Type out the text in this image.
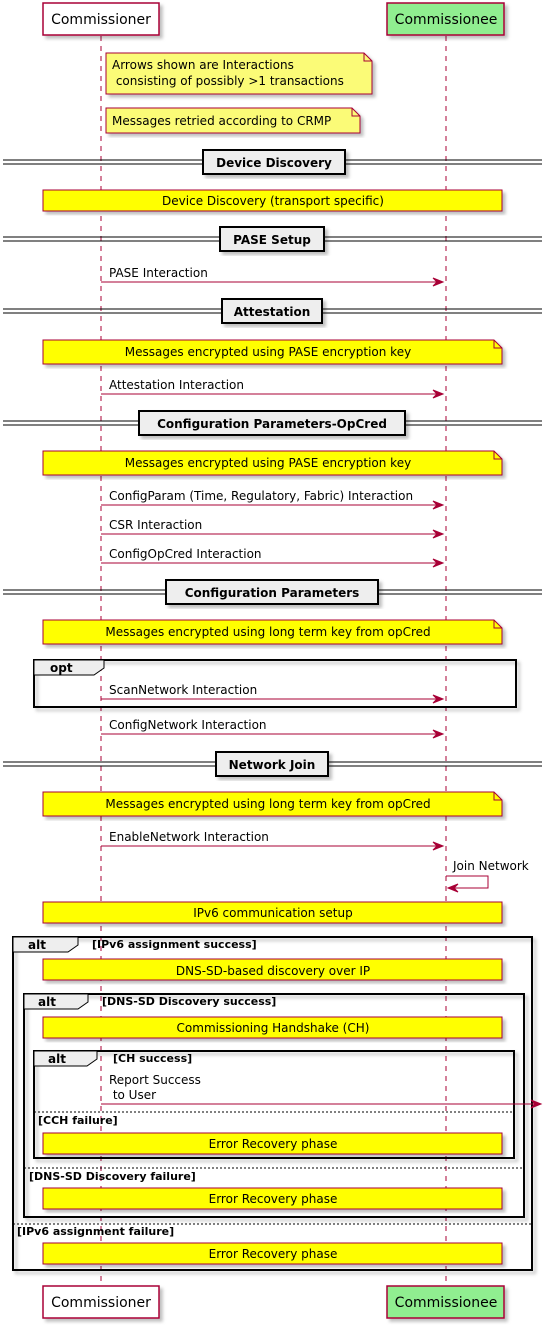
Commissioner	Commissionee
Arrows shown are Interactions
consisting of possibly >1 transactions
Messages retried according to CRMP
Device Discovery
Device Discovery (transport specific)
PASE Setup
PASE Interaction
Attestation
Messages encrypted using PASE encryption key
Attestation Interaction
Configuration Parameters-OpCred
Messages encrypted using PASE encryption key
ConfigParam (Time, Regulatory, Fabric) Interaction
CSR Interaction
ConfigOpCred Interaction
Configuration Parameters
Messages encrypted using long term key from opCred
opt
ScanNetwork Interaction
ConfigNetwork Interaction
Network Join
Messages encrypted using long term key from opCred
EnableNetwork Interaction
Join Network
IPv6 communication setup
alt	[IPv6 assignment success]
DNS-SD-based discovery over IP
alt	[DNS-SD Discovery success]
Commissioning Handshake (CH)
alt	[CH success]
Report Success
to User
[CCH failure]
Error Recovery phase
[DNS-SD Discovery failure]
Error Recovery phase
[IPv6 assignment failure]
Error Recovery phase
Commissioner	Commissionee
